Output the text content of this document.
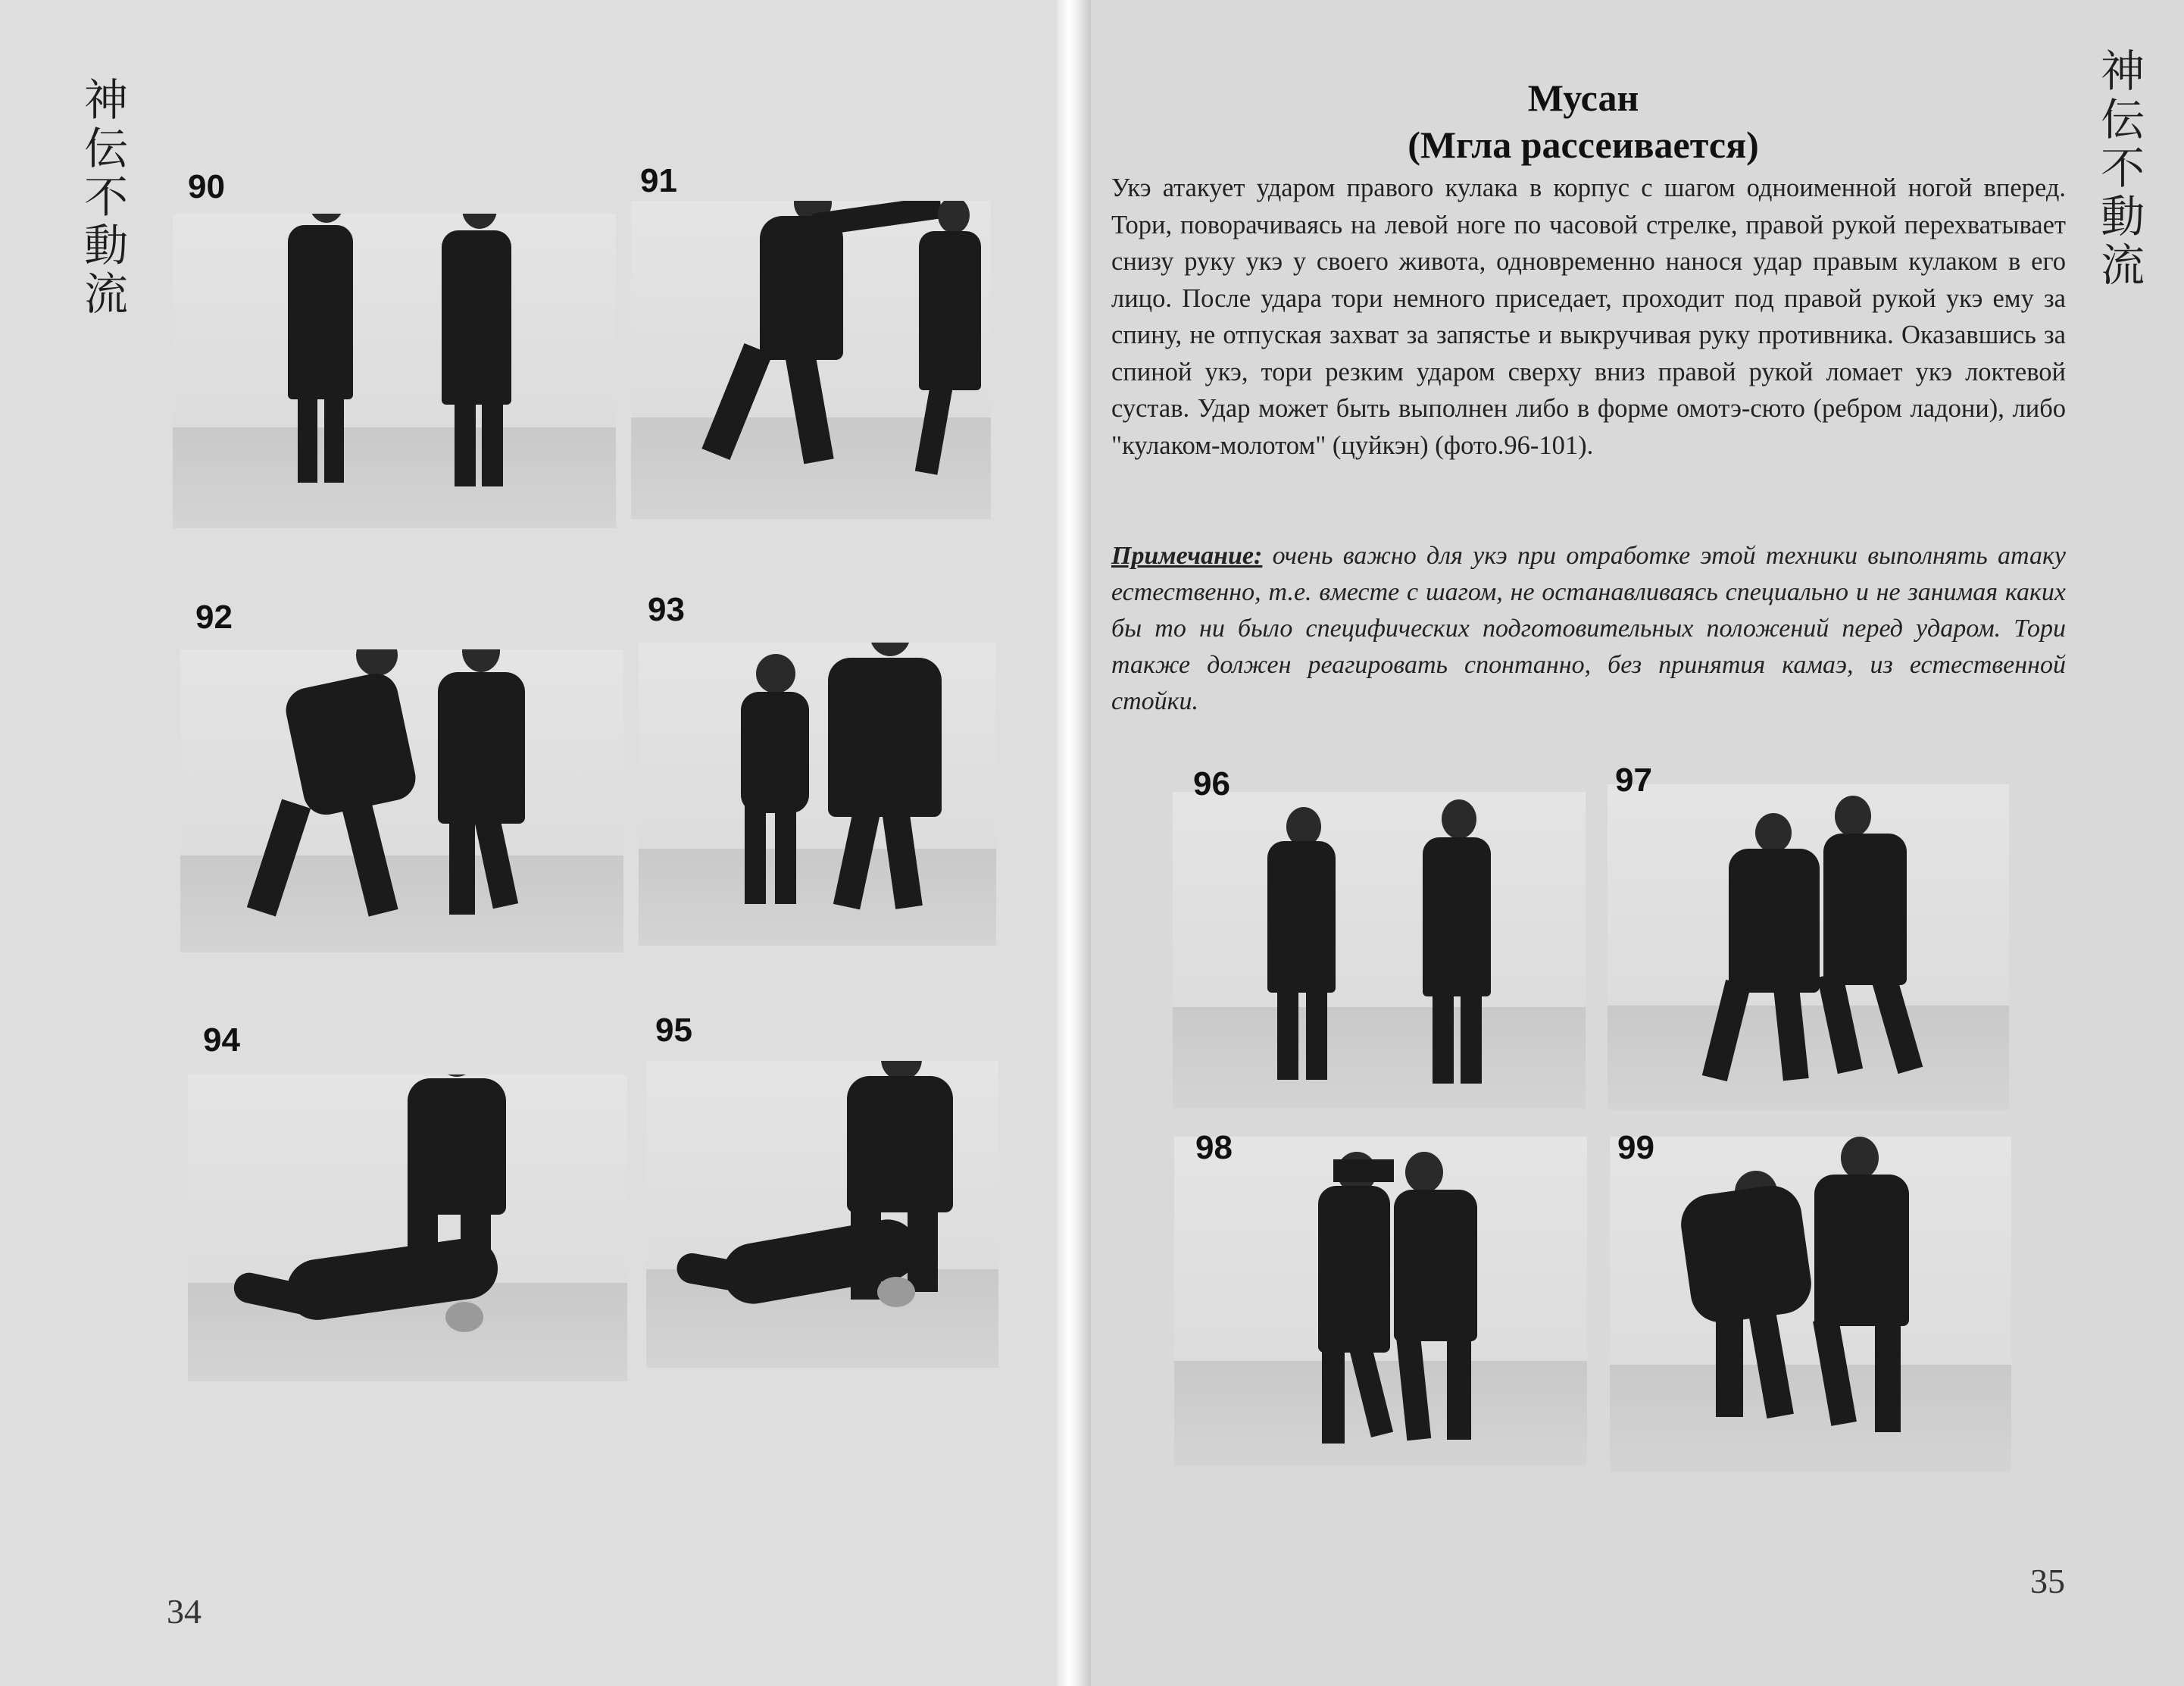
神
伝
不
動
流
神
伝
不
動
流
90	91
92	93
94	95
34
Мусан
(Мгла рассеивается)
Укэ атакует ударом правого кулака в корпус с шагом одноименной ногой вперед. Тори, поворачиваясь на левой ноге по часовой стрелке, правой рукой перехватывает снизу руку укэ у своего живота, одновременно нанося удар правым кулаком в его лицо. После удара тори немного приседает, проходит под правой рукой укэ ему за спину, не отпуская захват за запястье и выкручивая руку противника. Оказавшись за спиной укэ, тори резким ударом сверху вниз правой рукой ломает укэ локтевой сустав. Удар может быть выполнен либо в форме омотэ-сюто (ребром ладони), либо "кулаком-молотом" (цуйкэн) (фото.96-101).
Примечание: очень важно для укэ при отработке этой техники выполнять атаку естественно, т.е. вместе с шагом, не останавливаясь специально и не занимая каких бы то ни было специфических подготовительных положений перед ударом. Тори также должен реагировать спонтанно, без принятия камаэ, из естественной стойки.
96	97
98	99
35
